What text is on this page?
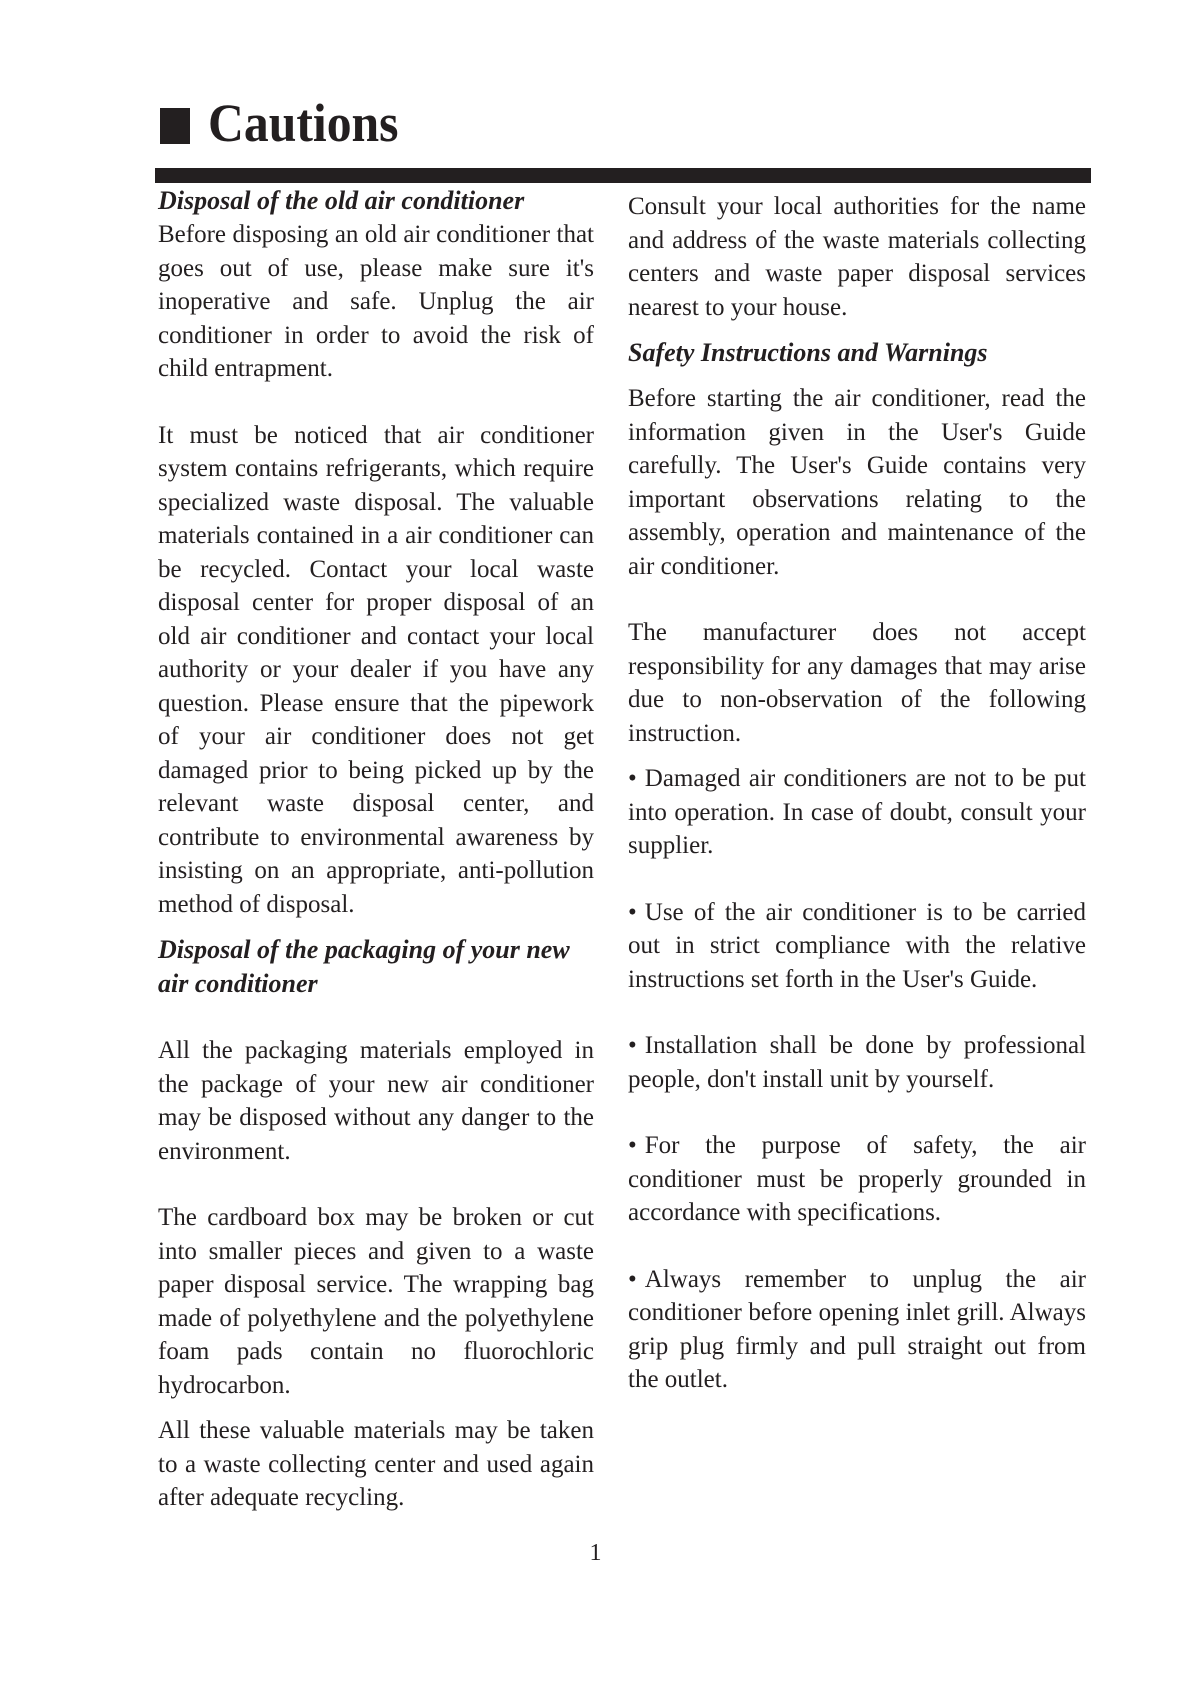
Cautions
Disposal of the old air conditioner

Before disposing an old air conditioner that goes out of use, please make sure it's inoperative and safe. Unplug the air conditioner in order to avoid the risk of child entrapment.

It must be noticed that air conditioner system contains refrigerants, which require specialized waste disposal. The valuable materials contained in a air conditioner can be recycled. Contact your local waste disposal center for proper disposal of an old air conditioner and contact your local authority or your dealer if you have any question. Please ensure that the pipework of your air conditioner does not get damaged prior to being picked up by the relevant waste disposal center, and contribute to environmental awareness by insisting on an appropriate, anti-pollution method of disposal.

Disposal of the packaging of your new air conditioner

All the packaging materials employed in the package of your new air conditioner may be disposed without any danger to the environment.

The cardboard box may be broken or cut into smaller pieces and given to a waste paper disposal service. The wrapping bag made of polyethylene and the polyethylene foam pads contain no fluorochloric hydrocarbon.

All these valuable materials may be taken to a waste collecting center and used again after adequate recycling.

Consult your local authorities for the name and address of the waste materials collecting centers and waste paper disposal services nearest to your house.

Safety Instructions and Warnings

Before starting the air conditioner, read the information given in the User's Guide carefully. The User's Guide contains very important observations relating to the assembly, operation and maintenance of the air conditioner.

The manufacturer does not accept responsibility for any damages that may arise due to non-observation of the following instruction.

• Damaged air conditioners are not to be put into operation. In case of doubt, consult your supplier.

• Use of the air conditioner is to be carried out in strict compliance with the relative instructions set forth in the User's Guide.

• Installation shall be done by professional people, don't install unit by yourself.

• For the purpose of safety, the air conditioner must be properly grounded in accordance with specifications.

• Always remember to unplug the air conditioner before opening inlet grill. Always grip plug firmly and pull straight out from the outlet.

1
